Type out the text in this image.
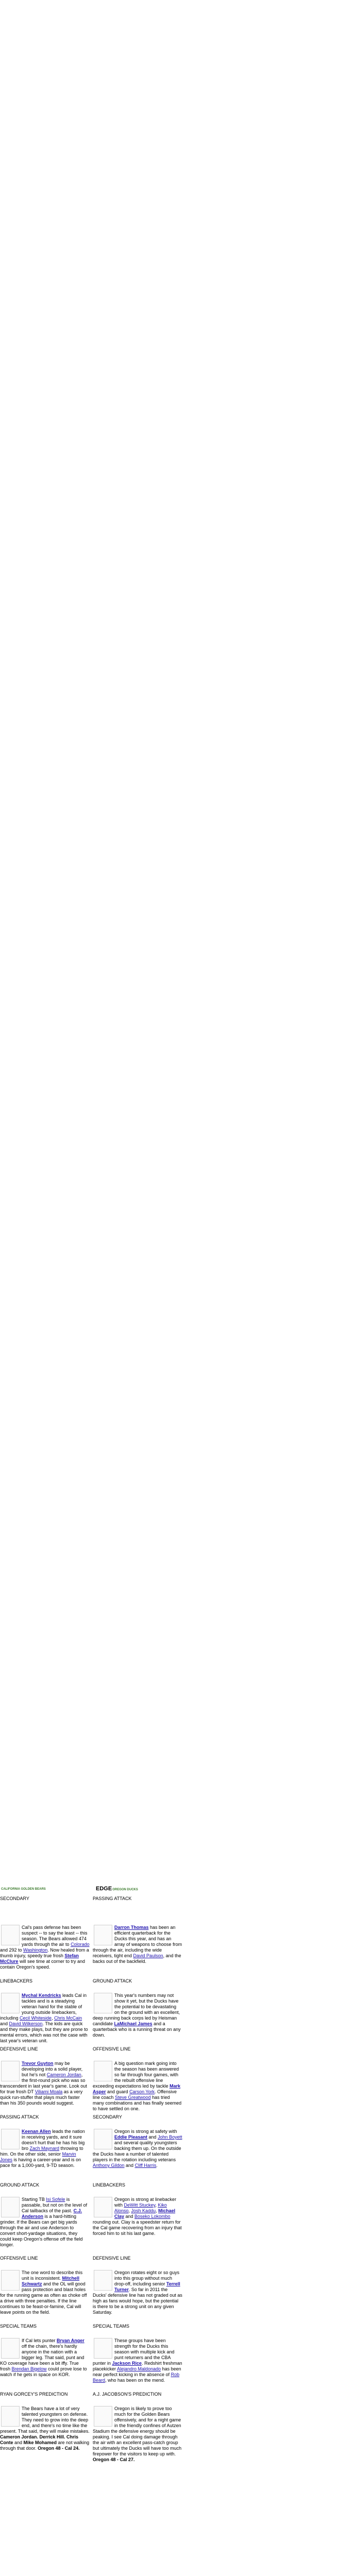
CALIFORNIA GOLDEN BEARS	EDGEOREGON DUCKS
SECONDARY
Cal's pass defense has been suspect -- to say the least -- this season. The Bears allowed 474 yards through the air to Colorado and 292 to Washington. Now healed from a thumb injury, speedy true frosh Stefan McClure will see time at corner to try and contain Oregon's speed.
PASSING ATTACK
Darron Thomas has been an efficient quarterback for the Ducks this year, and has an array of weapons to choose from through the air, including the wide receivers, tight end David Paulson, and the backs out of the backfield.
LINEBACKERS
Mychal Kendricks leads Cal in tackles and is a steadying veteran hand for the stable of young outside linebackers, including Cecil Whiteside, Chris McCain and David Wilkerson. The kids are quick and they make plays, but they are prone to mental errors, which was not the case with last year's veteran unit.
GROUND ATTACK
This year's numbers may not show it yet, but the Ducks have the potential to be devastating on the ground with an excellent, deep running back corps led by Heisman candidate LaMichael James and a quarterback who is a running threat on any down.
DEFENSIVE LINE
Trevor Guyton may be developing into a solid player, but he's not Cameron Jordan, the first-round pick who was so transcendent in last year's game. Look out for true frosh DT Viliami Moala as a very quick run-stuffer that plays much faster than his 350 pounds would suggest.
OFFENSIVE LINE
A big question mark going into the season has been answered so far through four games, with the rebuilt offensive line exceeding expectations led by tackle Mark Asper and guard Carson York. Offensive line coach Steve Greatwood has tried many combinations and has finally seemed to have settled on one.
PASSING ATTACK
Keenan Allen leads the nation in receiving yards, and it sure doesn't hurt that he has his big bro Zach Maynard throwing to him. On the other side, senior Marvin Jones is having a career-year and is on pace for a 1,000-yard, 9-TD season.
SECONDARY
Oregon is strong at safety with Eddie Pleasant and John Boyett and several quality youngsters backing them up. On the outside the Ducks have a number of talented players in the rotation including veterans Anthony Gildon and Cliff Harris.
GROUND ATTACK
Starting TB Isi Sofele is passable, but not on the level of Cal tailbacks of the past. C.J. Anderson is a hard-hitting grinder. If the Bears can get big yards through the air and use Anderson to convert short-yardage situations, they could keep Oregon's offense off the field longer.
LINEBACKERS
Oregon is strong at linebacker with DeWitt Stuckey, Kiko Alonso, Josh Kaddu, Michael Clay and Boseko Lokombo rounding out. Clay is a speedster return for the Cal game recovering from an injury that forced him to sit his last game.
OFFENSIVE LINE
The one word to describe this unit is inconsistent. Mitchell Schwartz and the OL will good pass protection and blast holes for the running game as often as choke off a drive with three penalties. If the line continues to be feast-or-famine, Cal will leave points on the field.
DEFENSIVE LINE
Oregon rotates eight or so guys into this group without much drop-off, including senior Terrell Turner. So far in 2011 the Ducks' defensive line has not graded out as high as fans would hope, but the potential is there to be a strong unit on any given Saturday.
SPECIAL TEAMS
If Cal lets punter Bryan Anger off the chain, there's hardly anyone in the nation with a bigger leg. That said, punt and KO coverage have been a bit iffy. True frosh Brendan Bigelow could prove lose to watch if he gets in space on KOR.
SPECIAL TEAMS
These groups have been strength for the Ducks this season with multiple kick and punt returners and the CBA punter in Jackson Rice. Redshirt freshman placekicker Alejandro Maldonado has been near perfect kicking in the absence of Rob Beard, who has been on the mend.
RYAN GORCEY'S PREDICTION
The Bears have a lot of very talented youngsters on defense. They need to grow into the deep end, and there's no time like the present. That said, they will make mistakes. Cameron Jordan. Derrick Hill. Chris Conte and Mike Mohamed are not walking through that door. Oregon 48 - Cal 24.
A.J. JACOBSON'S PREDICTION
Oregon is likely to prove too much for the Golden Bears offensively, and for a night game in the friendly confines of Autzen Stadium the defensive energy should be peaking. I see Cal doing damage through the air with an excellent pass-catch group but ultimately the Ducks will have too much firepower for the visitors to keep up with. Oregon 48 - Cal 27.
